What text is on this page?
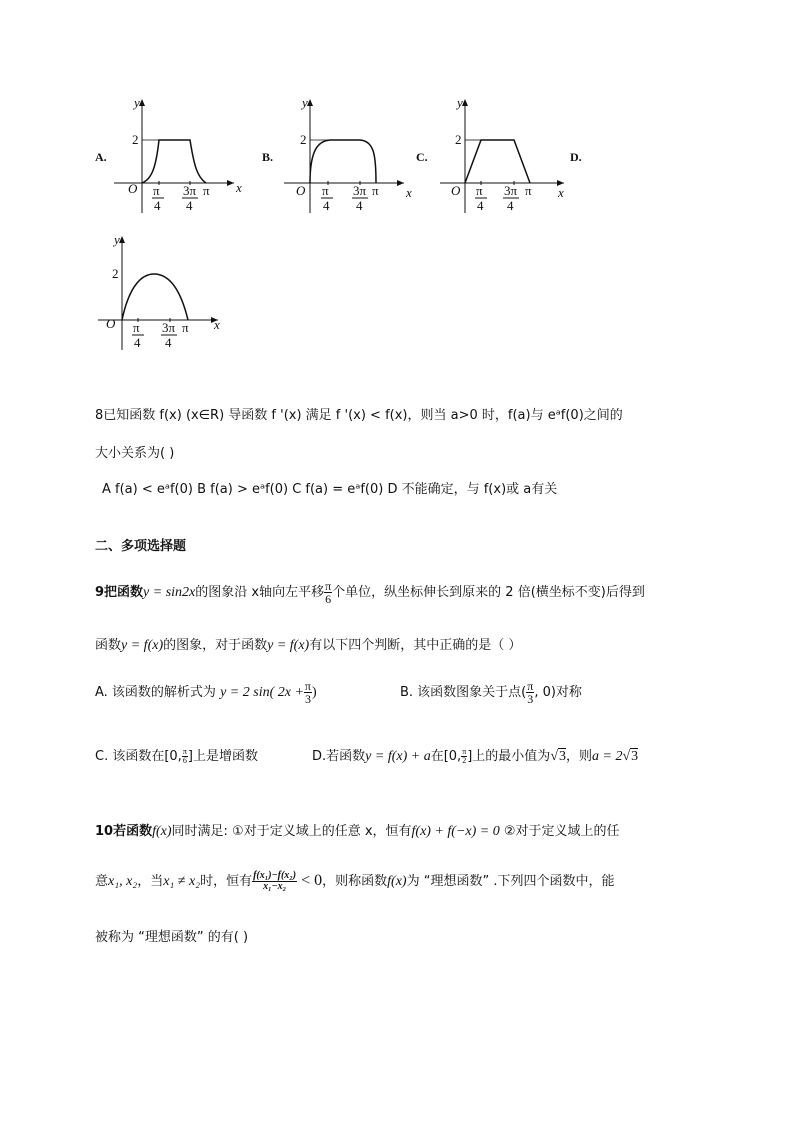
y
x
O
2
π
4
3π
4
π
A.
y
x
O
2
π
4
3π
4
π
B.
y
x
O
2
π
4
3π
4
π
C.	D.
y
x
O
2
π
4
3π
4
π
8已知函数 f(x) (x∈R) 导函数 f '(x) 满足 f '(x) < f(x)，则当 a>0 时，f(a)与 eᵃf(0)之间的
大小关系为( )
A f(a) < eᵃf(0) B f(a) > eᵃf(0) C f(a) = eᵃf(0) D 不能确定，与 f(x)或 a有关
二、多项选择题
9把函数y = sin2x的图象沿 x轴向左平移 $\frac{\pi}{6}$ 个单位，纵坐标伸长到原来的 2 倍(横坐标不变)后得到
函数y = f(x)的图象，对于函数y = f(x)有以下四个判断，其中正确的是（ ）
A. 该函数的解析式为 y = 2 sin( $2x + \frac{\pi}{3}$ )	B. 该函数图象关于点( $\frac{\pi}{3}$ , 0)对称
C. 该函数在[0, $\frac{\pi}{6}$ ]上是增函数	D.若函数y = f(x) + a在[0, $\frac{\pi}{2}$ ]上的最小值为√3，则a = 2√3
10若函数f(x)同时满足: ①对于定义域上的任意 x，恒有f(x) + f(−x) = 0 ②对于定义域上的任
意x₁, x₂，当x₁ ≠ x₂时，恒有 $\frac{\text{f(x₁)−f(x₂)}}{\text{x₁−x₂}} < 0$，则称函数f(x)为 “理想函数” .下列四个函数中，能
被称为 “理想函数” 的有( )
